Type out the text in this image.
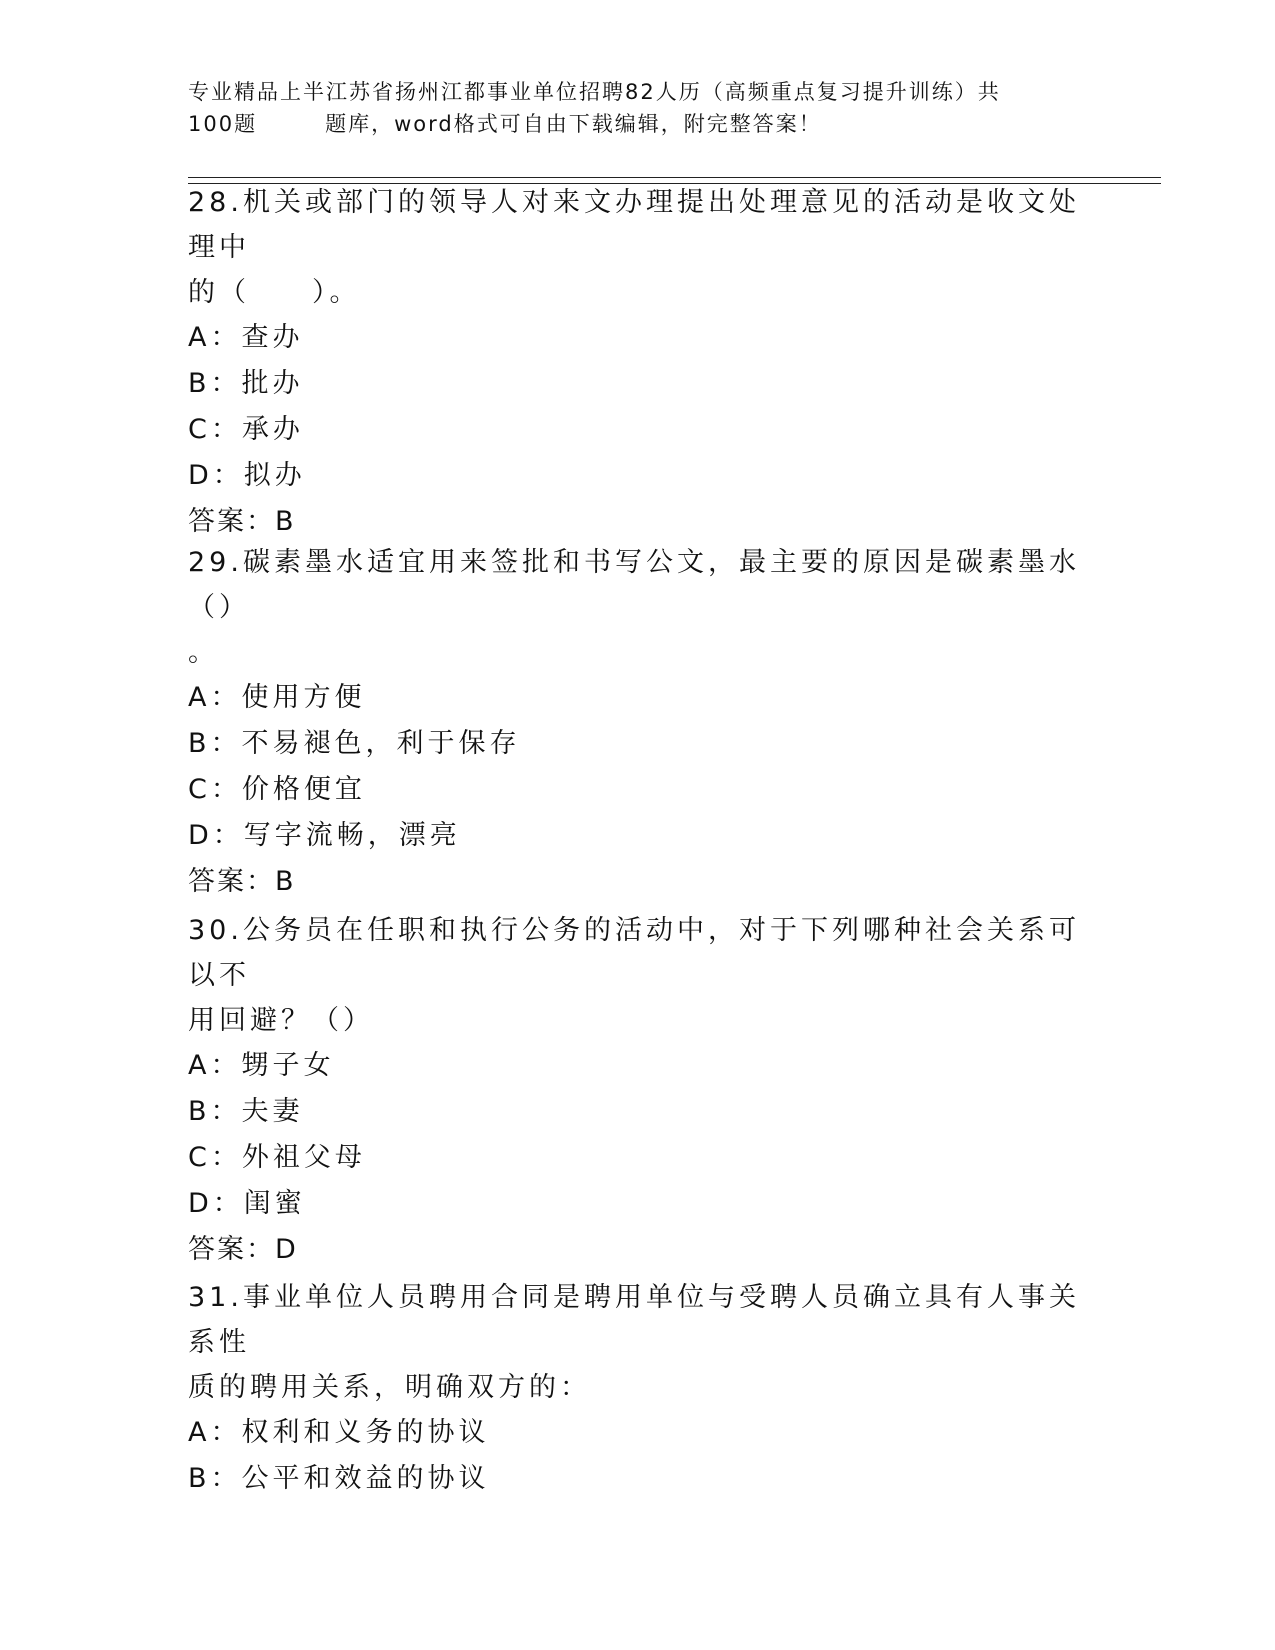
专业精品上半江苏省扬州江都事业单位招聘82人历（高频重点复习提升训练）共
100题	题库，word格式可自由下载编辑，附完整答案！
28.机关或部门的领导人对来文办理提出处理意见的活动是收文处理中
的（　　）。
A：查办
B：批办
C：承办
D：拟办
答案：B
29.碳素墨水适宜用来签批和书写公文，最主要的原因是碳素墨水（）
。
A：使用方便
B：不易褪色，利于保存
C：价格便宜
D：写字流畅，漂亮
答案：B
30.公务员在任职和执行公务的活动中，对于下列哪种社会关系可以不
用回避？（）
A：甥子女
B：夫妻
C：外祖父母
D：闺蜜
答案：D
31.事业单位人员聘用合同是聘用单位与受聘人员确立具有人事关系性
质的聘用关系，明确双方的：
A：权利和义务的协议
B：公平和效益的协议
